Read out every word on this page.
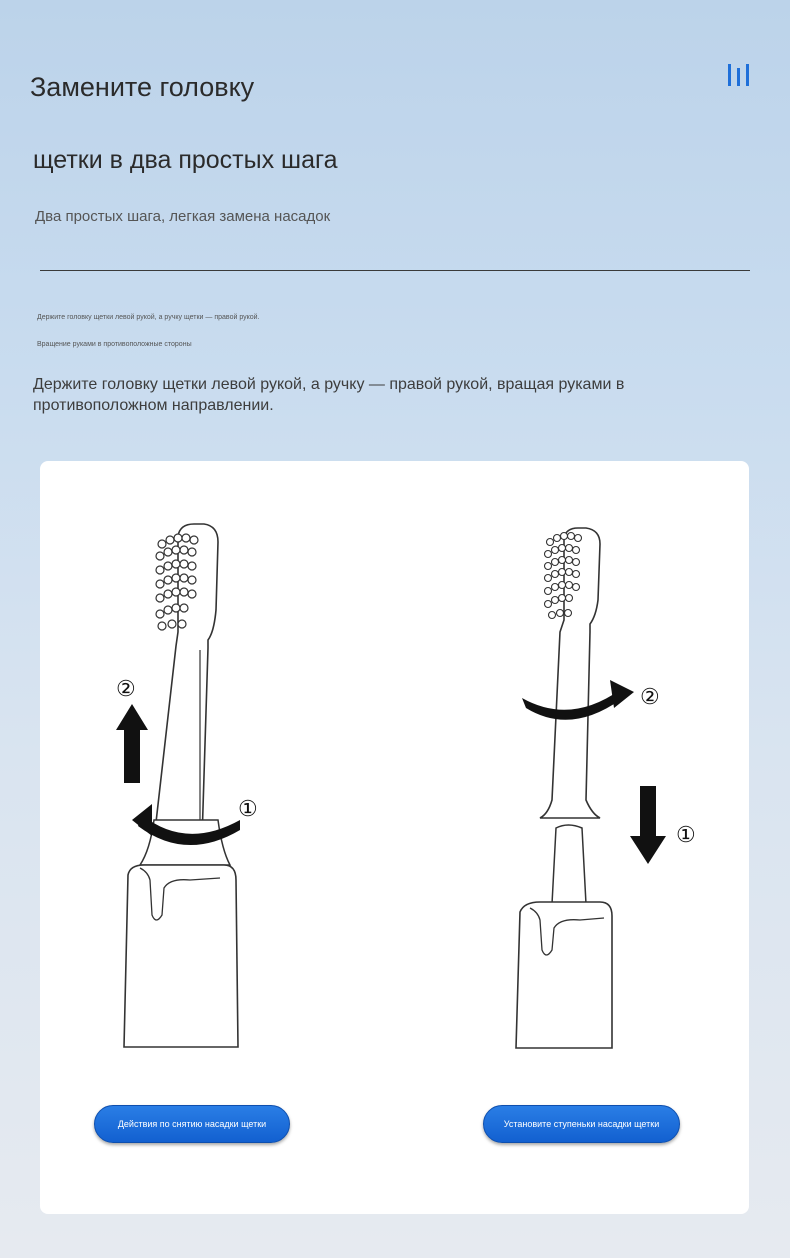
Замените головку
щетки в два простых шага
Два простых шага, легкая замена насадок
Держите головку щетки левой рукой, а ручку щетки — правой рукой.
Вращение руками в противоположные стороны
Держите головку щетки левой рукой, а ручку — правой рукой, вращая руками в противоположном направлении.
②
①
②
①
Действия по снятию насадки щетки	Установите ступеньки насадки щетки
